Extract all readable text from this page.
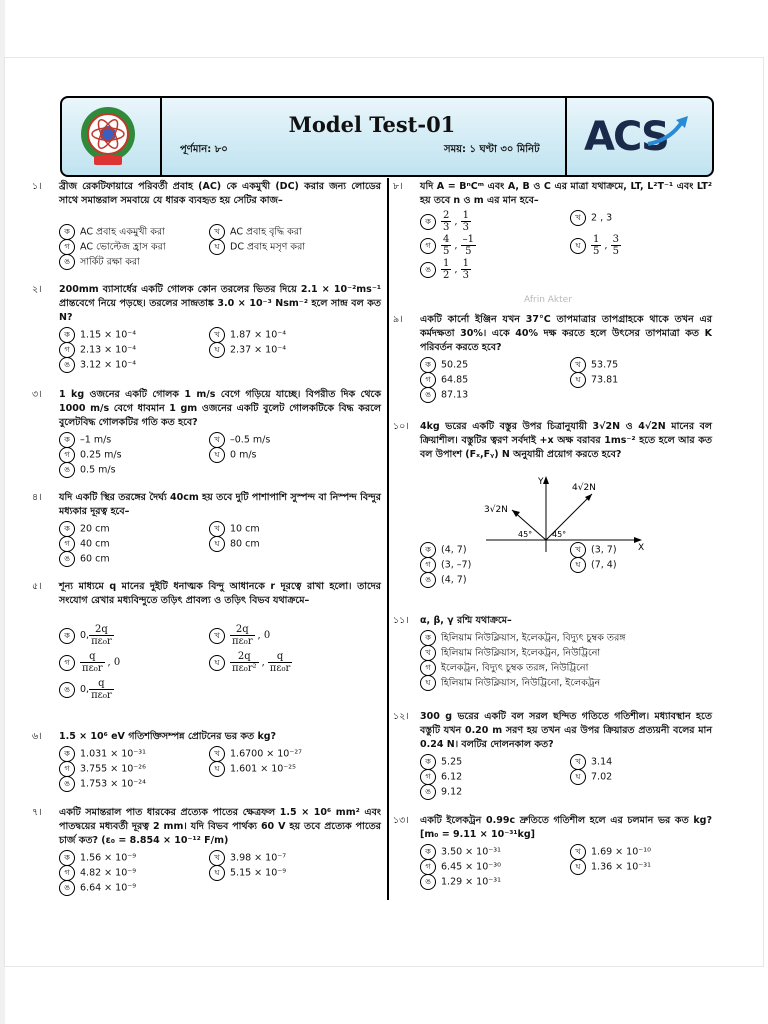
Model Test-01
পূর্ণমান: ৮০	সময়: ১ ঘণ্টা ৩০ মিনিট ACS
Afrin Akter
১। ব্রীজ রেকটিফায়ারে পরিবর্তী প্রবাহ (AC) কে একমুখী (DC) করার জন্য লোডের সাথে সমান্তরাল সমবায়ে যে ধারক ব্যবহৃত হয় সেটির কাজ–
ক AC প্রবাহ একমুখী করা	খ AC প্রবাহ বৃদ্ধি করা
গ AC ভোল্টেজ হ্রাস করা	ঘ DC প্রবাহ মসৃণ করা
ঙ সার্কিট রক্ষা করা
২। 200mm ব্যাসার্ধের একটি গোলক কোন তরলের ভিতর দিয়ে 2.1 × 10⁻²ms⁻¹ প্রান্তবেগে নিয়ে পড়ছে। তরলের সান্দ্রতাঙ্ক 3.0 × 10⁻³ Nsm⁻² হলে সান্দ্র বল কত N?
ক 1.15 × 10⁻⁴	খ 1.87 × 10⁻⁴
গ 2.13 × 10⁻⁴	ঘ 2.37 × 10⁻⁴
ঙ 3.12 × 10⁻⁴
৩। 1 kg ওজনের একটি গোলক 1 m/s বেগে গড়িয়ে যাচ্ছে। বিপরীত দিক থেকে 1000 m/s বেগে ধাবমান 1 gm ওজনের একটি বুলেট গোলকটিকে বিদ্ধ করলে বুলেটবিদ্ধ গোলকটির গতি কত হবে?
ক –1 m/s	খ –0.5 m/s
গ 0.25 m/s	ঘ 0 m/s
ঙ 0.5 m/s
৪। যদি একটি স্থির তরঙ্গের দৈর্ঘ্য 40cm হয় তবে দুটি পাশাপাশি সুস্পন্দ বা নিস্পন্দ বিন্দুর মধ্যকার দূরত্ব হবে–
ক 20 cm	খ 10 cm
গ 40 cm	ঘ 80 cm
ঙ 60 cm
৫। শূন্য মাধ্যমে q মানের দুইটি ধনাত্মক বিন্দু আধানকে r দূরত্বে রাখা হলো। তাদের সংযোগ রেখার মধ্যবিন্দুতে তড়িৎ প্রাবল্য ও তড়িৎ বিভব যথাক্রমে–
ক 0, $\frac{2q}{\text{πε₀r}}$	খ $\frac{2q}{\text{πε₀r}}$ , 0
গ $\frac{q}{\text{πε₀r}}$ , 0	ঘ $\frac{2q}{\text{πε₀r²}}$ , $\frac{q}{\text{πε₀r}}$
ঙ 0, $\frac{q}{\text{πε₀r}}$
৬। 1.5 × 10⁶ eV গতিশক্তিসম্পন্ন প্রোটনের ভর কত kg?
ক 1.031 × 10⁻³¹	খ 1.6700 × 10⁻²⁷
গ 3.755 × 10⁻²⁶	ঘ 1.601 × 10⁻²⁵
ঙ 1.753 × 10⁻²⁴
৭। একটি সমান্তরাল পাত ধারকের প্রত্যেক পাতের ক্ষেত্রফল 1.5 × 10⁶ mm² এবং পাতদ্বয়ের মধ্যবর্তী দূরত্ব 2 mm। যদি বিভব পার্থক্য 60 V হয় তবে প্রত্যেক পাতের চার্জ কত? (ε₀ = 8.854 × 10⁻¹² F/m)
ক 1.56 × 10⁻⁹	খ 3.98 × 10⁻⁷
গ 4.82 × 10⁻⁹	ঘ 5.15 × 10⁻⁹
ঙ 6.64 × 10⁻⁹
৮। যদি A = BⁿCᵐ এবং A, B ও C এর মাত্রা যথাক্রমে, LT, L²T⁻¹ এবং LT² হয় তবে n ও m এর মান হবে–
ক $\frac{2}{3}$ , $\frac{1}{3}$	খ 2 , 3
গ $\frac{4}{5}$ , $\frac{-1}{5}$	ঘ $\frac{1}{5}$ , $\frac{3}{5}$
ঙ $\frac{1}{2}$ , $\frac{1}{3}$
৯। একটি কার্নো ইঞ্জিন যখন 37°C তাপমাত্রার তাপগ্রাহকে থাকে তখন এর কর্মদক্ষতা 30%। একে 40% দক্ষ করতে হলে উৎসের তাপমাত্রা কত K পরিবর্তন করতে হবে?
ক 50.25	খ 53.75
গ 64.85	ঘ 73.81
ঙ 87.13
১০। 4kg ভরের একটি বস্তুর উপর চিত্রানুযায়ী 3√2N ও 4√2N মানের বল ক্রিয়াশীল। বস্তুটির ত্বরণ সর্বদাই +x অক্ষ বরাবর 1ms⁻² হতে হলে আর কত বল উপাংশ (Fₓ,Fᵧ) N অনুযায়ী প্রয়োগ করতে হবে?
ক (4, 7)	খ (3, 7)
গ (3, –7)	ঘ (7, 4)
ঙ (4, 7)
১১। α, β, γ রশ্মি যথাক্রমে–
ক হিলিয়াম নিউক্লিয়াস, ইলেকট্রন, বিদ্যুৎ চুম্বক তরঙ্গ
খ হিলিয়াম নিউক্লিয়াস, ইলেকট্রন, নিউট্রিনো
গ ইলেকট্রন, বিদ্যুৎ চুম্বক তরঙ্গ, নিউট্রিনো
ঘ হিলিয়াম নিউক্লিয়াস, নিউট্রিনো, ইলেকট্রন
১২। 300 g ভরের একটি বল সরল ছন্দিত গতিতে গতিশীল। মধ্যাবস্থান হতে বস্তুটি যখন 0.20 m সরণ হয় তখন এর উপর ক্রিয়ারত প্রত্যয়নী বলের মান 0.24 N। বলটির দোলনকাল কত?
ক 5.25	খ 3.14
গ 6.12	ঘ 7.02
ঙ 9.12
১৩। একটি ইলেকট্রন 0.99c দ্রুতিতে গতিশীল হলে এর চলমান ভর কত kg? [m₀ = 9.11 × 10⁻³¹kg]
ক 3.50 × 10⁻³¹	খ 1.69 × 10⁻¹⁰
গ 6.45 × 10⁻³⁰	ঘ 1.36 × 10⁻³¹
ঙ 1.29 × 10⁻³¹
Y
X
3√2N
4√2N
45° 45°
